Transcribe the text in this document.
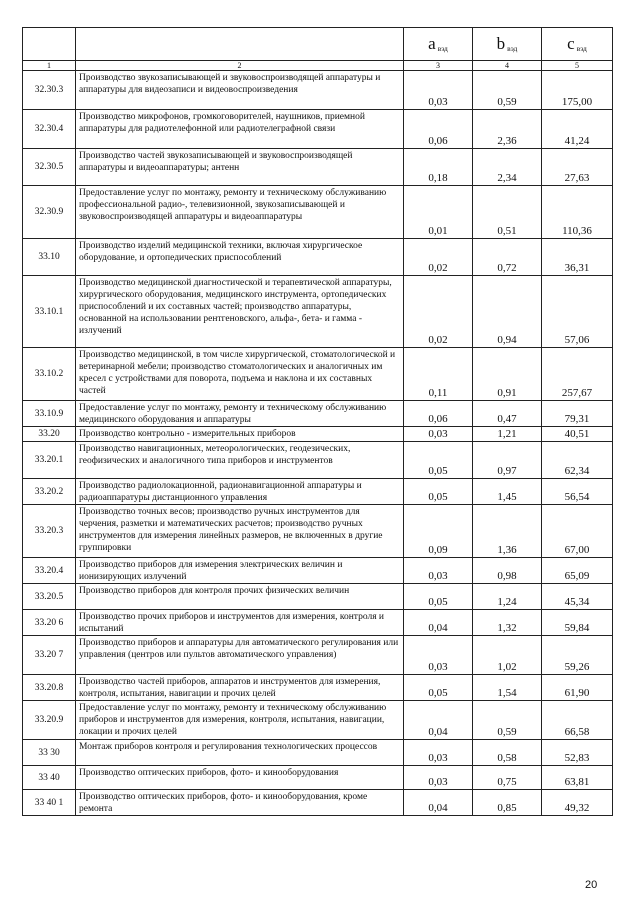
		a $_{вэд}$	b $_{вэд}$	c $_{вэд}$
1	2	3	4	5
32.30.3	Производство звукозаписывающей и звуковоспроизводящей аппаратуры и аппаратуры для видеозаписи и видеовоспроизведения	0,03	0,59	175,00
32.30.4	Производство микрофонов, громкоговорителей, наушников, приемной аппаратуры для радиотелефонной или радиотелеграфной связи	0,06	2,36	41,24
32.30.5	Производство частей звукозаписывающей и звуковоспроизводящей аппаратуры и видеоаппаратуры; антенн	0,18	2,34	27,63
32.30.9	Предоставление услуг по монтажу, ремонту и техническому обслуживанию профессиональной радио-, телевизионной, звукозаписывающей и звуковоспроизводящей аппаратуры и видеоаппаратуры	0,01	0,51	110,36
33.10	Производство изделий медицинской техники, включая хирургическое оборудование, и ортопедических приспособлений	0,02	0,72	36,31
33.10.1	Производство медицинской диагностической и терапевтической аппаратуры, хирургического оборудования, медицинского инструмента, ортопедических приспособлений и их составных частей; производство аппаратуры, основанной на использовании рентгеновского, альфа-, бета- и гамма - излучений	0,02	0,94	57,06
33.10.2	Производство медицинской, в том числе хирургической, стоматологической и ветеринарной мебели; производство стоматологических и аналогичных им кресел с устройствами для поворота, подъема и наклона и их составных частей	0,11	0,91	257,67
33.10.9	Предоставление услуг по монтажу, ремонту и техническому обслуживанию медицинского оборудования и аппаратуры	0,06	0,47	79,31
33.20	Производство контрольно - измерительных приборов	0,03	1,21	40,51
33.20.1	Производство навигационных, метеорологических, геодезических, геофизических и аналогичного типа приборов и инструментов	0,05	0,97	62,34
33.20.2	Производство радиолокационной, радионавигационной аппаратуры и радиоаппаратуры дистанционного управления	0,05	1,45	56,54
33.20.3	Производство точных весов; производство ручных инструментов для черчения, разметки и математических расчетов; производство ручных инструментов для измерения линейных размеров, не включенных в другие группировки	0,09	1,36	67,00
33.20.4	Производство приборов для измерения электрических величин и ионизирующих излучений	0,03	0,98	65,09
33.20.5	Производство приборов для контроля прочих физических величин	0,05	1,24	45,34
33.20 6	Производство прочих приборов и инструментов для измерения, контроля и испытаний	0,04	1,32	59,84
33.20 7	Производство приборов и аппаратуры для автоматического регулирования или управления (центров или пультов автоматического управления)	0,03	1,02	59,26
33.20.8	Производство частей приборов, аппаратов и инструментов для измерения, контроля, испытания, навигации и прочих целей	0,05	1,54	61,90
33.20.9	Предоставление услуг по монтажу, ремонту и техническому обслуживанию приборов и инструментов для измерения, контроля, испытания, навигации, локации и прочих целей	0,04	0,59	66,58
33 30	Монтаж приборов контроля и регулирования технологических процессов	0,03	0,58	52,83
33 40	Производство оптических приборов, фото- и кинооборудования	0,03	0,75	63,81
33 40 1	Производство оптических приборов, фото- и кинооборудования, кроме ремонта	0,04	0,85	49,32
20
